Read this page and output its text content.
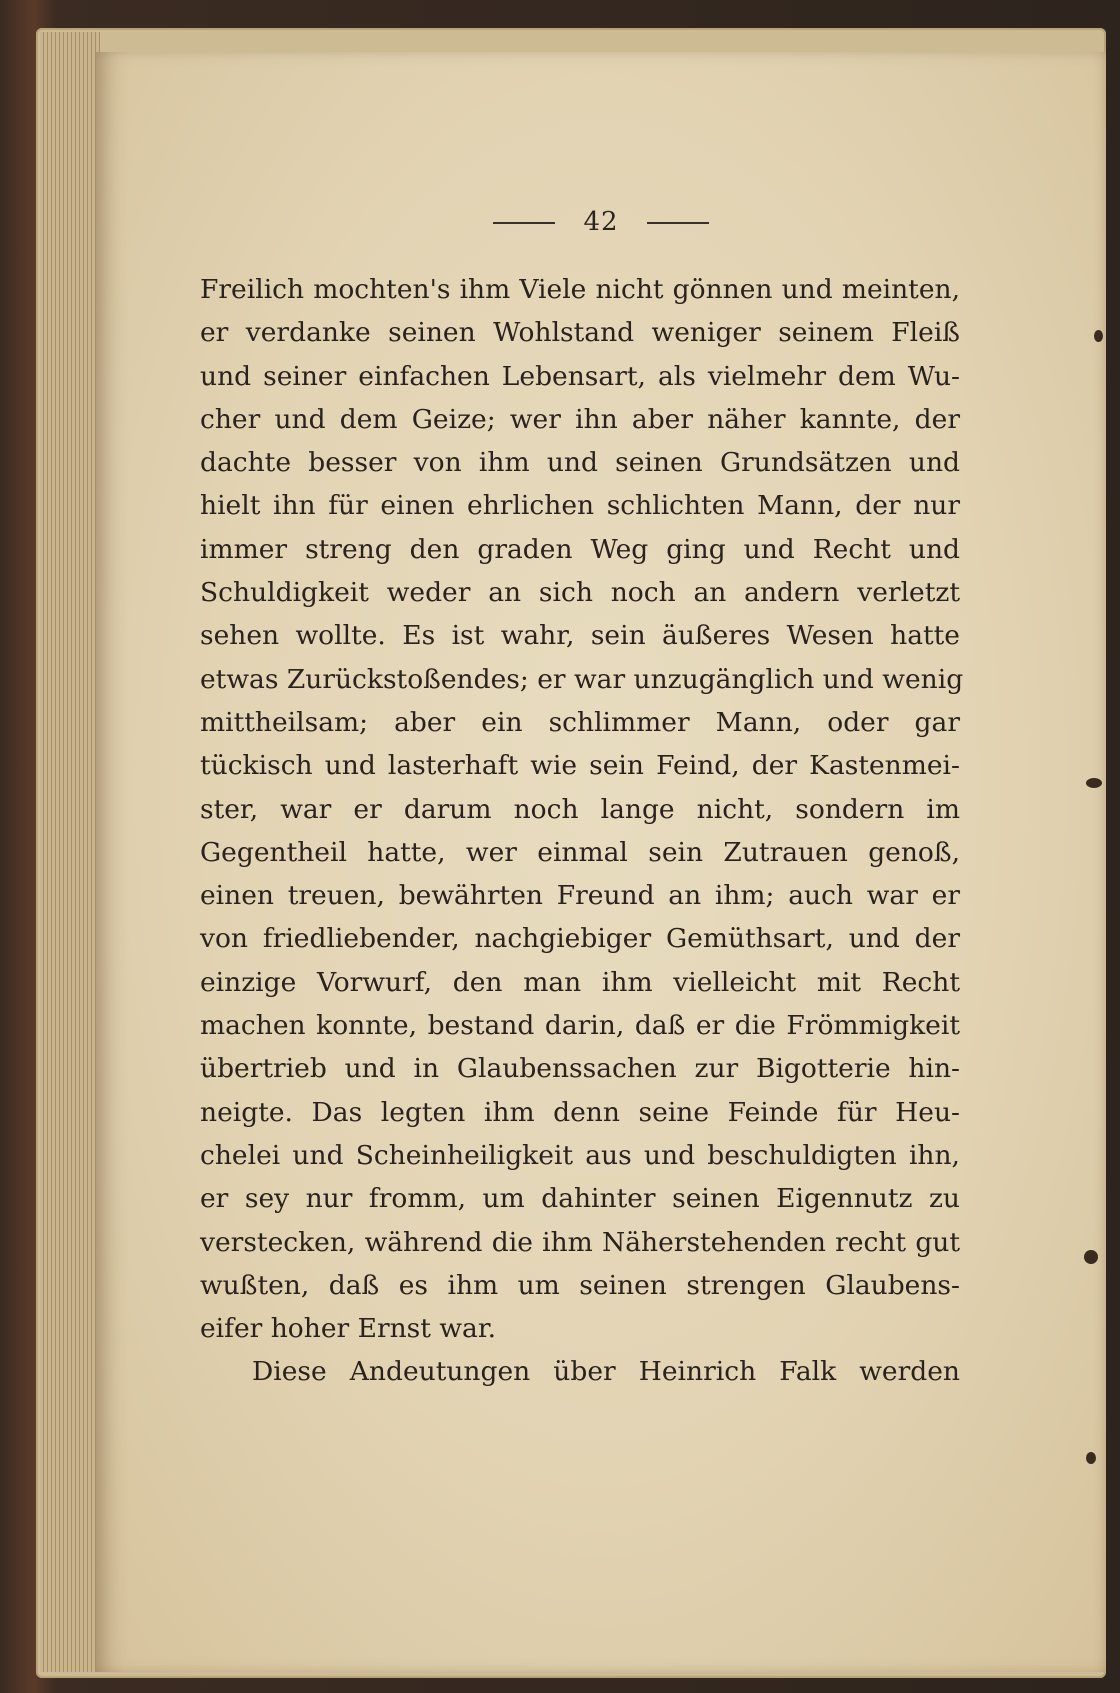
42
Freilich mochten's ihm Viele nicht gönnen und meinten,
er verdanke seinen Wohlstand weniger seinem Fleiß
und seiner einfachen Lebensart, als vielmehr dem Wu-
cher und dem Geize; wer ihn aber näher kannte, der
dachte besser von ihm und seinen Grundsätzen und
hielt ihn für einen ehrlichen schlichten Mann, der nur
immer streng den graden Weg ging und Recht und
Schuldigkeit weder an sich noch an andern verletzt
sehen wollte. Es ist wahr, sein äußeres Wesen hatte
etwas Zurückstoßendes; er war unzugänglich und wenig
mittheilsam; aber ein schlimmer Mann, oder gar
tückisch und lasterhaft wie sein Feind, der Kastenmei-
ster, war er darum noch lange nicht, sondern im
Gegentheil hatte, wer einmal sein Zutrauen genoß,
einen treuen, bewährten Freund an ihm; auch war er
von friedliebender, nachgiebiger Gemüthsart, und der
einzige Vorwurf, den man ihm vielleicht mit Recht
machen konnte, bestand darin, daß er die Frömmigkeit
übertrieb und in Glaubenssachen zur Bigotterie hin-
neigte. Das legten ihm denn seine Feinde für Heu-
chelei und Scheinheiligkeit aus und beschuldigten ihn,
er sey nur fromm, um dahinter seinen Eigennutz zu
verstecken, während die ihm Näherstehenden recht gut
wußten, daß es ihm um seinen strengen Glaubens-
eifer hoher Ernst war.
Diese Andeutungen über Heinrich Falk werden
